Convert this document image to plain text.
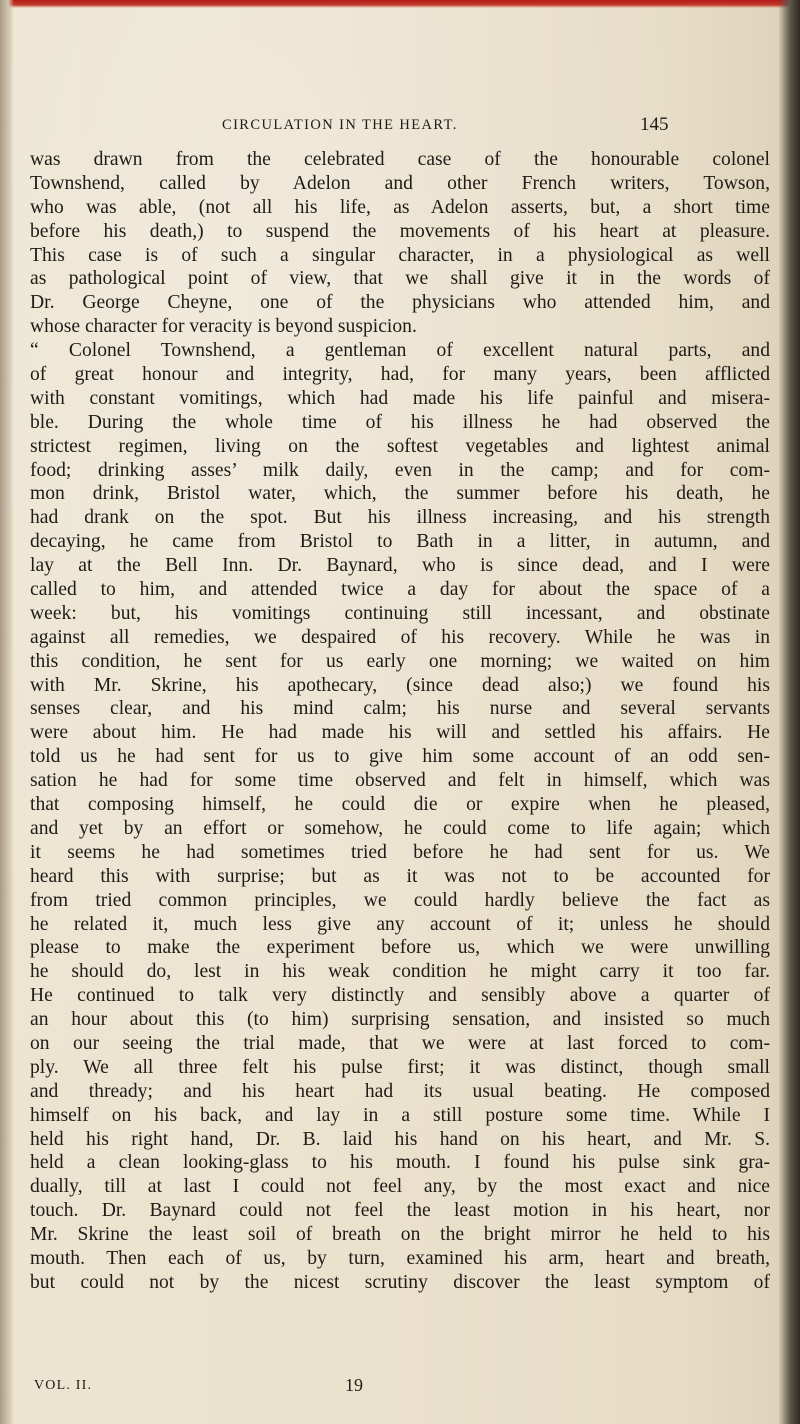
CIRCULATION IN THE HEART.	145
was drawn from the celebrated case of the honourable colonel
Townshend, called by Adelon and other French writers, Towson,
who was able, (not all his life, as Adelon asserts, but, a short time
before his death,) to suspend the movements of his heart at pleasure.
This case is of such a singular character, in a physiological as well
as pathological point of view, that we shall give it in the words of
Dr. George Cheyne, one of the physicians who attended him, and
whose character for veracity is beyond suspicion.
“ Colonel Townshend, a gentleman of excellent natural parts, and
of great honour and integrity, had, for many years, been afflicted
with constant vomitings, which had made his life painful and misera-
ble. During the whole time of his illness he had observed the
strictest regimen, living on the softest vegetables and lightest animal
food; drinking asses’ milk daily, even in the camp; and for com-
mon drink, Bristol water, which, the summer before his death, he
had drank on the spot. But his illness increasing, and his strength
decaying, he came from Bristol to Bath in a litter, in autumn, and
lay at the Bell Inn. Dr. Baynard, who is since dead, and I were
called to him, and attended twice a day for about the space of a
week: but, his vomitings continuing still incessant, and obstinate
against all remedies, we despaired of his recovery. While he was in
this condition, he sent for us early one morning; we waited on him
with Mr. Skrine, his apothecary, (since dead also;) we found his
senses clear, and his mind calm; his nurse and several servants
were about him. He had made his will and settled his affairs. He
told us he had sent for us to give him some account of an odd sen-
sation he had for some time observed and felt in himself, which was
that composing himself, he could die or expire when he pleased,
and yet by an effort or somehow, he could come to life again; which
it seems he had sometimes tried before he had sent for us. We
heard this with surprise; but as it was not to be accounted for
from tried common principles, we could hardly believe the fact as
he related it, much less give any account of it; unless he should
please to make the experiment before us, which we were unwilling
he should do, lest in his weak condition he might carry it too far.
He continued to talk very distinctly and sensibly above a quarter of
an hour about this (to him) surprising sensation, and insisted so much
on our seeing the trial made, that we were at last forced to com-
ply. We all three felt his pulse first; it was distinct, though small
and thready; and his heart had its usual beating. He composed
himself on his back, and lay in a still posture some time. While I
held his right hand, Dr. B. laid his hand on his heart, and Mr. S.
held a clean looking-glass to his mouth. I found his pulse sink gra-
dually, till at last I could not feel any, by the most exact and nice
touch. Dr. Baynard could not feel the least motion in his heart, nor
Mr. Skrine the least soil of breath on the bright mirror he held to his
mouth. Then each of us, by turn, examined his arm, heart and breath,
but could not by the nicest scrutiny discover the least symptom of
VOL. II.	19
